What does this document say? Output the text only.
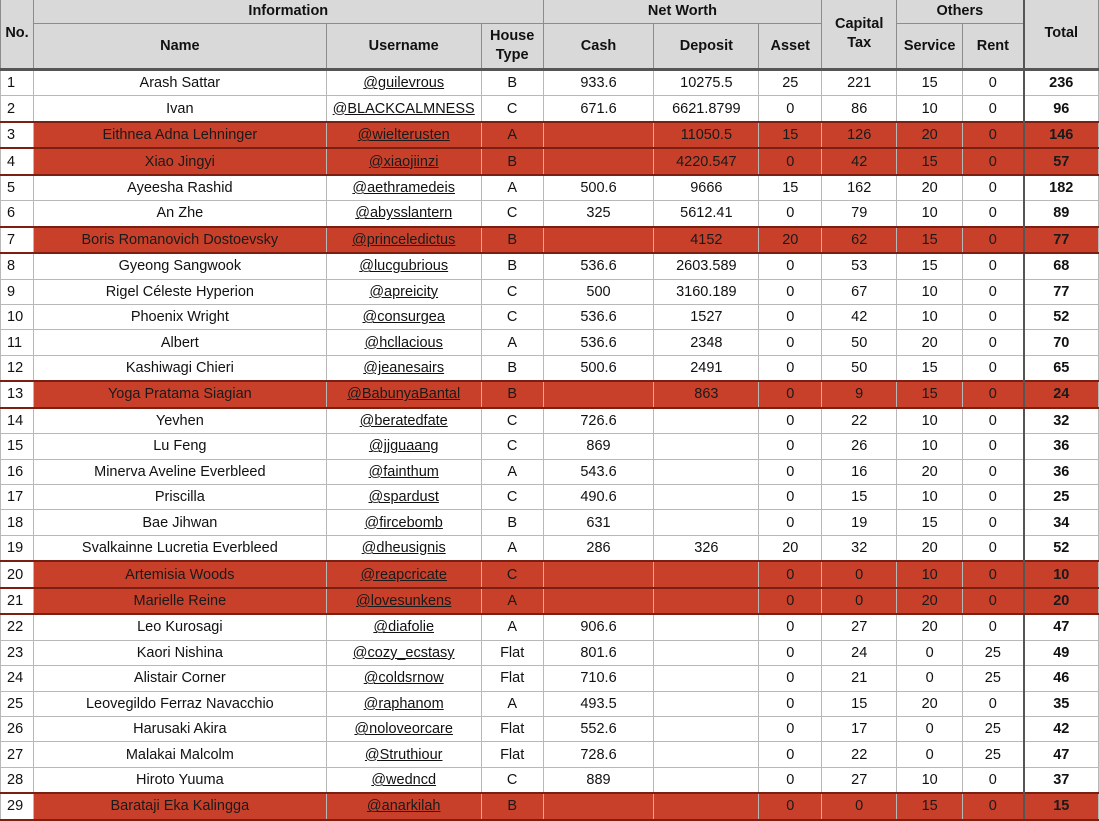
No.	Information			Net Worth			Capital Tax	Others		Total
	Name	Username	House Type	Cash	Deposit	Asset		Service	Rent	
1	Arash Sattar	@guilevrous	B	933.6	10275.5	25	221	15	0	236
2	Ivan	@BLACKCALMNESS	C	671.6	6621.8799	0	86	10	0	96
3	Eithnea Adna Lehninger	@wielterusten	A		11050.5	15	126	20	0	146
4	Xiao Jingyi	@xiaojiinzi	B		4220.547	0	42	15	0	57
5	Ayeesha Rashid	@aethramedeis	A	500.6	9666	15	162	20	0	182
6	An Zhe	@abysslantern	C	325	5612.41	0	79	10	0	89
7	Boris Romanovich Dostoevsky	@princeledictus	B		4152	20	62	15	0	77
8	Gyeong Sangwook	@lucgubrious	B	536.6	2603.589	0	53	15	0	68
9	Rigel Céleste Hyperion	@apreicity	C	500	3160.189	0	67	10	0	77
10	Phoenix Wright	@consurgea	C	536.6	1527	0	42	10	0	52
11	Albert	@hcllacious	A	536.6	2348	0	50	20	0	70
12	Kashiwagi Chieri	@jeanesairs	B	500.6	2491	0	50	15	0	65
13	Yoga Pratama Siagian	@BabunyaBantal	B		863	0	9	15	0	24
14	Yevhen	@beratedfate	C	726.6		0	22	10	0	32
15	Lu Feng	@jjguaang	C	869		0	26	10	0	36
16	Minerva Aveline Everbleed	@fainthum	A	543.6		0	16	20	0	36
17	Priscilla	@spardust	C	490.6		0	15	10	0	25
18	Bae Jihwan	@fircebomb	B	631		0	19	15	0	34
19	Svalkainne Lucretia Everbleed	@dheusignis	A	286	326	20	32	20	0	52
20	Artemisia Woods	@reapcricate	C			0	0	10	0	10
21	Marielle Reine	@lovesunkens	A			0	0	20	0	20
22	Leo Kurosagi	@diafolie	A	906.6		0	27	20	0	47
23	Kaori Nishina	@cozy_ecstasy	Flat	801.6		0	24	0	25	49
24	Alistair Corner	@coldsrnow	Flat	710.6		0	21	0	25	46
25	Leovegildo Ferraz Navacchio	@raphanom	A	493.5		0	15	20	0	35
26	Harusaki Akira	@noloveorcare	Flat	552.6		0	17	0	25	42
27	Malakai Malcolm	@Struthiour	Flat	728.6		0	22	0	25	47
28	Hiroto Yuuma	@wedncd	C	889		0	27	10	0	37
29	Barataji Eka Kalingga	@anarkilah	B			0	0	15	0	15
